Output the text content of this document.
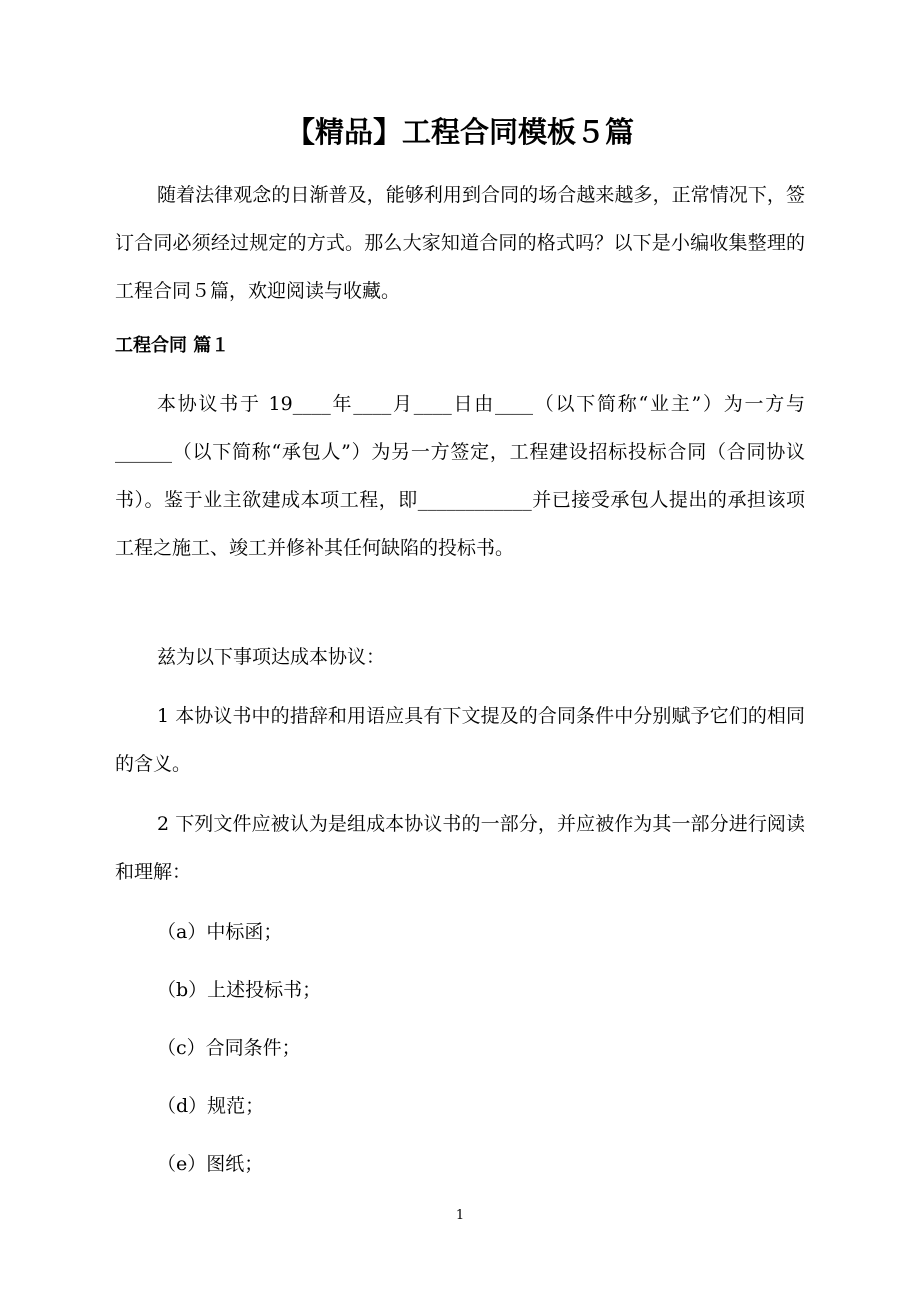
【精品】工程合同模板５篇

随着法律观念的日渐普及，能够利用到合同的场合越来越多，正常情况下，签订合同必须经过规定的方式。那么大家知道合同的格式吗？以下是小编收集整理的工程合同５篇，欢迎阅读与收藏。

工程合同 篇１

本协议书于 19____年____月____日由____（以下简称“业主”）为一方与______（以下简称“承包人”）为另一方签定，工程建设招标投标合同（合同协议书）。鉴于业主欲建成本项工程，即____________并已接受承包人提出的承担该项工程之施工、竣工并修补其任何缺陷的投标书。

兹为以下事项达成本协议：

1 本协议书中的措辞和用语应具有下文提及的合同条件中分别赋予它们的相同的含义。

2 下列文件应被认为是组成本协议书的一部分，并应被作为其一部分进行阅读和理解：

（a）中标函；

（b）上述投标书；

（c）合同条件；

（d）规范；

（e）图纸；

1
